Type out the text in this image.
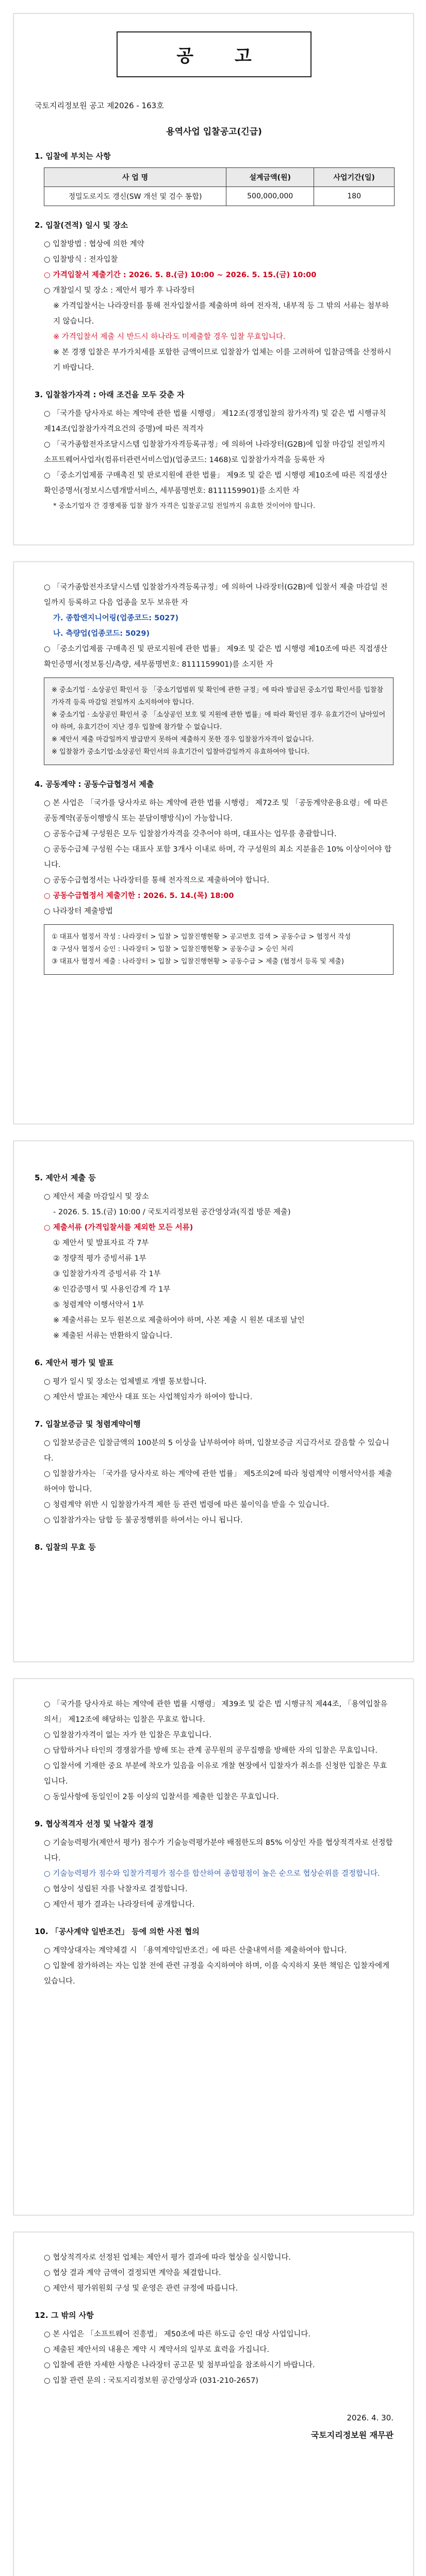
공 고
국토지리정보원 공고 제2026 - 163호
용역사업 입찰공고(긴급)
1. 입찰에 부치는 사항
사 업 명	설계금액(원)	사업기간(일)
정밀도로지도 갱신(SW 개선 및 검수 통합)	500,000,000	180
2. 입찰(견적) 일시 및 장소
○ 입찰방법 : 협상에 의한 계약
○ 입찰방식 : 전자입찰
○ 가격입찰서 제출기간 : 2026. 5. 8.(금) 10:00 ~ 2026. 5. 15.(금) 10:00
○ 개찰일시 및 장소 : 제안서 평가 후 나라장터
※ 가격입찰서는 나라장터를 통해 전자입찰서를 제출하며 하여 전자적, 내부적 등 그 밖의 서류는 첨부하지 않습니다.
※ 가격입찰서 제출 시 반드시 하나라도 미제출할 경우 입찰 무효입니다.
※ 본 경쟁 입찰은 부가가치세를 포함한 금액이므로 입찰참가 업체는 이를 고려하여 입찰금액을 산정하시기 바랍니다.
3. 입찰참가자격 : 아래 조건을 모두 갖춘 자
○ 「국가를 당사자로 하는 계약에 관한 법률 시행령」 제12조(경쟁입찰의 참가자격) 및 같은 법 시행규칙 제14조(입찰참가자격요건의 증명)에 따른 적격자
○ 「국가종합전자조달시스템 입찰참가자격등록규정」에 의하여 나라장터(G2B)에 입찰 마감일 전일까지 소프트웨어사업자(컴퓨터관련서비스업)(업종코드: 1468)로 입찰참가자격을 등록한 자
○ 「중소기업제품 구매촉진 및 판로지원에 관한 법률」 제9조 및 같은 법 시행령 제10조에 따른 직접생산확인증명서(정보시스템개발서비스, 세부품명번호: 8111159901)를 소지한 자
* 중소기업자 간 경쟁제품 입찰 참가 자격은 입찰공고일 전일까지 유효한 것이어야 합니다.
○ 「국가종합전자조달시스템 입찰참가자격등록규정」에 의하여 나라장터(G2B)에 입찰서 제출 마감일 전일까지 등록하고 다음 업종을 모두 보유한 자
가. 종합엔지니어링(업종코드: 5027)
나. 측량업(업종코드: 5029)
○ 「중소기업제품 구매촉진 및 판로지원에 관한 법률」 제9조 및 같은 법 시행령 제10조에 따른 직접생산확인증명서(정보통신/측량, 세부품명번호: 8111159901)를 소지한 자
※ 중소기업 · 소상공인 확인서 등 「중소기업범위 및 확인에 관한 규정」에 따라 발급된 중소기업 확인서를 입찰참가자격 등록 마감일 전일까지 소지하여야 합니다.
※ 중소기업 · 소상공인 확인서 중 「소상공인 보호 및 지원에 관한 법률」에 따라 확인된 경우 유효기간이 남아있어야 하며, 유효기간이 지난 경우 입찰에 참가할 수 없습니다.
※ 제안서 제출 마감일까지 발급받지 못하여 제출하지 못한 경우 입찰참가자격이 없습니다.
※ 입찰참가 중소기업·소상공인 확인서의 유효기간이 입찰마감일까지 유효하여야 합니다.
4. 공동계약 : 공동수급협정서 제출
○ 본 사업은 「국가를 당사자로 하는 계약에 관한 법률 시행령」 제72조 및 「공동계약운용요령」에 따른 공동계약(공동이행방식 또는 분담이행방식)이 가능합니다.
○ 공동수급체 구성원은 모두 입찰참가자격을 갖추어야 하며, 대표사는 업무를 총괄합니다.
○ 공동수급체 구성원 수는 대표사 포함 3개사 이내로 하며, 각 구성원의 최소 지분율은 10% 이상이어야 합니다.
○ 공동수급협정서는 나라장터를 통해 전자적으로 제출하여야 합니다.
○ 공동수급협정서 제출기한 : 2026. 5. 14.(목) 18:00
○ 나라장터 제출방법
① 대표사 협정서 작성 : 나라장터 > 입찰 > 입찰진행현황 > 공고번호 검색 > 공동수급 > 협정서 작성
② 구성사 협정서 승인 : 나라장터 > 입찰 > 입찰진행현황 > 공동수급 > 승인 처리
③ 대표사 협정서 제출 : 나라장터 > 입찰 > 입찰진행현황 > 공동수급 > 제출 (협정서 등록 및 제출)
5. 제안서 제출 등
○ 제안서 제출 마감일시 및 장소
- 2026. 5. 15.(금) 10:00 / 국토지리정보원 공간영상과(직접 방문 제출)
○ 제출서류 (가격입찰서를 제외한 모든 서류)
① 제안서 및 발표자료 각 7부
② 정량적 평가 증빙서류 1부
③ 입찰참가자격 증빙서류 각 1부
④ 인감증명서 및 사용인감계 각 1부
⑤ 청렴계약 이행서약서 1부
※ 제출서류는 모두 원본으로 제출하여야 하며, 사본 제출 시 원본 대조필 날인
※ 제출된 서류는 반환하지 않습니다.
6. 제안서 평가 및 발표
○ 평가 일시 및 장소는 업체별로 개별 통보합니다.
○ 제안서 발표는 제안사 대표 또는 사업책임자가 하여야 합니다.
7. 입찰보증금 및 청렴계약이행
○ 입찰보증금은 입찰금액의 100분의 5 이상을 납부하여야 하며, 입찰보증금 지급각서로 갈음할 수 있습니다.
○ 입찰참가자는 「국가를 당사자로 하는 계약에 관한 법률」 제5조의2에 따라 청렴계약 이행서약서를 제출하여야 합니다.
○ 청렴계약 위반 시 입찰참가자격 제한 등 관련 법령에 따른 불이익을 받을 수 있습니다.
○ 입찰참가자는 담합 등 불공정행위를 하여서는 아니 됩니다.
8. 입찰의 무효 등
○ 「국가를 당사자로 하는 계약에 관한 법률 시행령」 제39조 및 같은 법 시행규칙 제44조, 「용역입찰유의서」 제12조에 해당하는 입찰은 무효로 합니다.
○ 입찰참가자격이 없는 자가 한 입찰은 무효입니다.
○ 담합하거나 타인의 경쟁참가를 방해 또는 관계 공무원의 공무집행을 방해한 자의 입찰은 무효입니다.
○ 입찰서에 기재한 중요 부분에 착오가 있음을 이유로 개찰 현장에서 입찰자가 취소를 신청한 입찰은 무효입니다.
○ 동일사항에 동일인이 2통 이상의 입찰서를 제출한 입찰은 무효입니다.
9. 협상적격자 선정 및 낙찰자 결정
○ 기술능력평가(제안서 평가) 점수가 기술능력평가분야 배점한도의 85% 이상인 자를 협상적격자로 선정합니다.
○ 기술능력평가 점수와 입찰가격평가 점수를 합산하여 종합평점이 높은 순으로 협상순위를 결정합니다.
○ 협상이 성립된 자를 낙찰자로 결정합니다.
○ 제안서 평가 결과는 나라장터에 공개합니다.
10. 「공사계약 일반조건」 등에 의한 사전 협의
○ 계약상대자는 계약체결 시 「용역계약일반조건」에 따른 산출내역서를 제출하여야 합니다.
○ 입찰에 참가하려는 자는 입찰 전에 관련 규정을 숙지하여야 하며, 이를 숙지하지 못한 책임은 입찰자에게 있습니다.
○ 협상적격자로 선정된 업체는 제안서 평가 결과에 따라 협상을 실시합니다.
○ 협상 결과 계약 금액이 결정되면 계약을 체결합니다.
○ 제안서 평가위원회 구성 및 운영은 관련 규정에 따릅니다.
12. 그 밖의 사항
○ 본 사업은 「소프트웨어 진흥법」 제50조에 따른 하도급 승인 대상 사업입니다.
○ 제출된 제안서의 내용은 계약 시 계약서의 일부로 효력을 가집니다.
○ 입찰에 관한 자세한 사항은 나라장터 공고문 및 첨부파일을 참조하시기 바랍니다.
○ 입찰 관련 문의 : 국토지리정보원 공간영상과 (031-210-2657)
2026. 4. 30.
국토지리정보원 재무관
